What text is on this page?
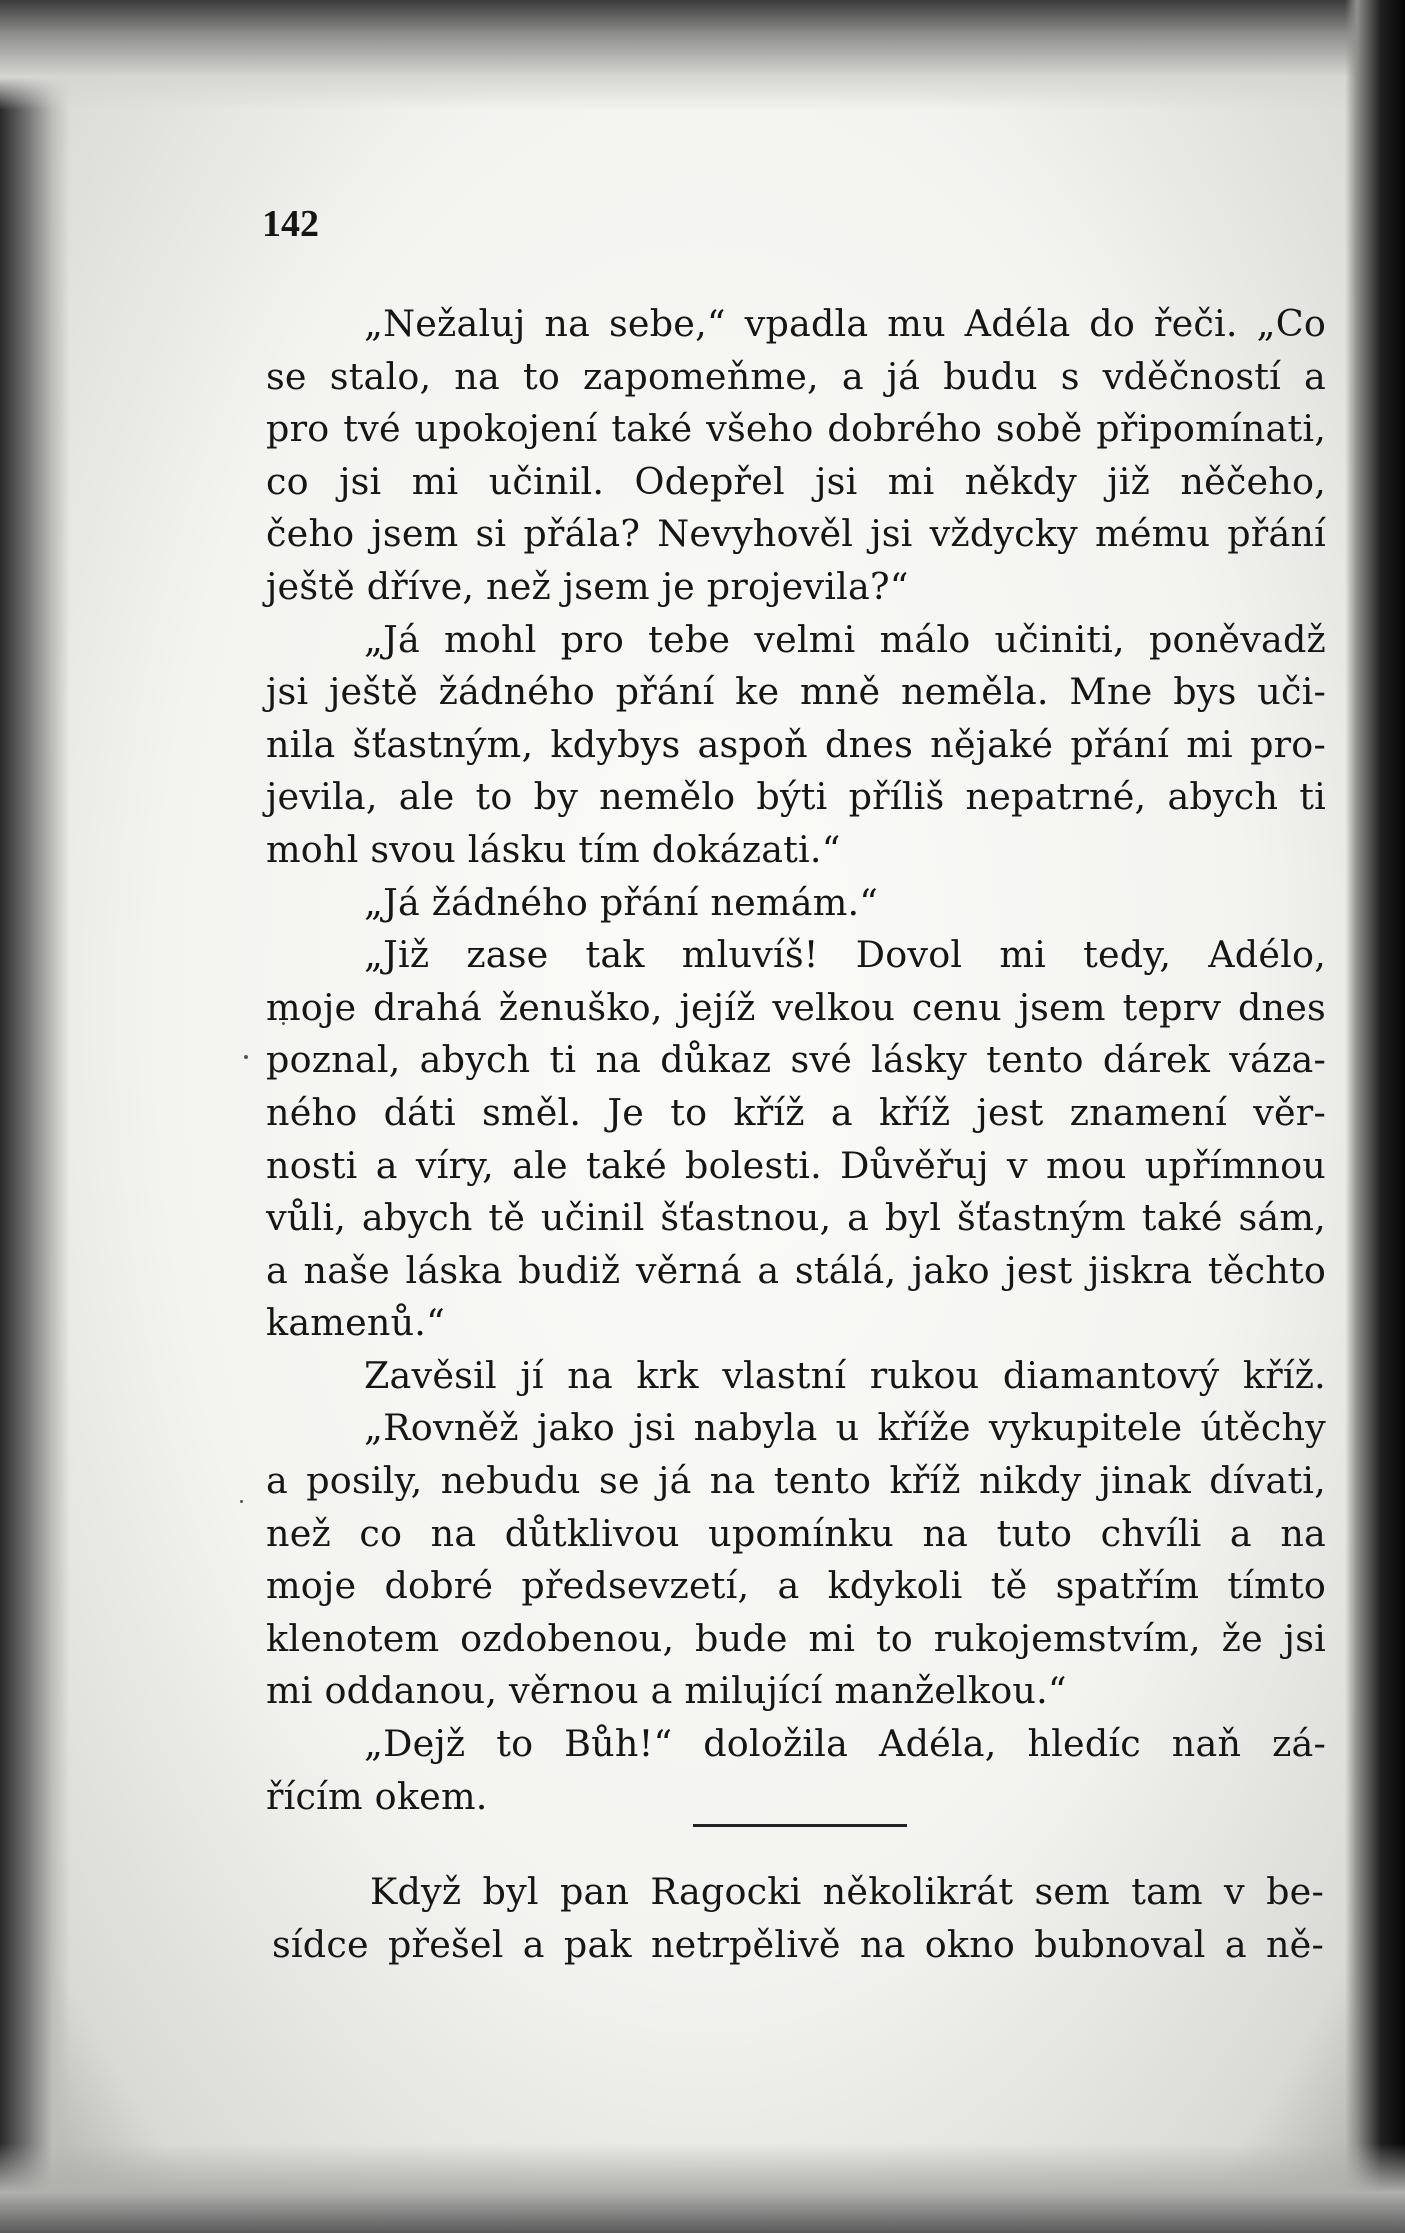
142
„Nežaluj na sebe,“ vpadla mu Adéla do řeči. „Co
se stalo, na to zapomeňme, a já budu s vděčností a
pro tvé upokojení také všeho dobrého sobě připomínati,
co jsi mi učinil. Odepřel jsi mi někdy již něčeho,
čeho jsem si přála? Nevyhověl jsi vždycky mému přání
ještě dříve, než jsem je projevila?“
„Já mohl pro tebe velmi málo učiniti, poněvadž
jsi ještě žádného přání ke mně neměla. Mne bys uči-
nila šťastným, kdybys aspoň dnes nějaké přání mi pro-
jevila, ale to by nemělo býti příliš nepatrné, abych ti
mohl svou lásku tím dokázati.“
„Já žádného přání nemám.“
„Již zase tak mluvíš! Dovol mi tedy, Adélo,
moje drahá ženuško, jejíž velkou cenu jsem teprv dnes
poznal, abych ti na důkaz své lásky tento dárek váza-
ného dáti směl. Je to kříž a kříž jest znamení věr-
nosti a víry, ale také bolesti. Důvěřuj v mou upřímnou
vůli, abych tě učinil šťastnou, a byl šťastným také sám,
a naše láska budiž věrná a stálá, jako jest jiskra těchto
kamenů.“
Zavěsil jí na krk vlastní rukou diamantový kříž.
„Rovněž jako jsi nabyla u kříže vykupitele útěchy
a posily, nebudu se já na tento kříž nikdy jinak dívati,
než co na důtklivou upomínku na tuto chvíli a na
moje dobré předsevzetí, a kdykoli tě spatřím tímto
klenotem ozdobenou, bude mi to rukojemstvím, že jsi
mi oddanou, věrnou a milující manželkou.“
„Dejž to Bůh!“ doložila Adéla, hledíc naň zá-
řícím okem.
Když byl pan Ragocki několikrát sem tam v be-
sídce přešel a pak netrpělivě na okno bubnoval a ně-
